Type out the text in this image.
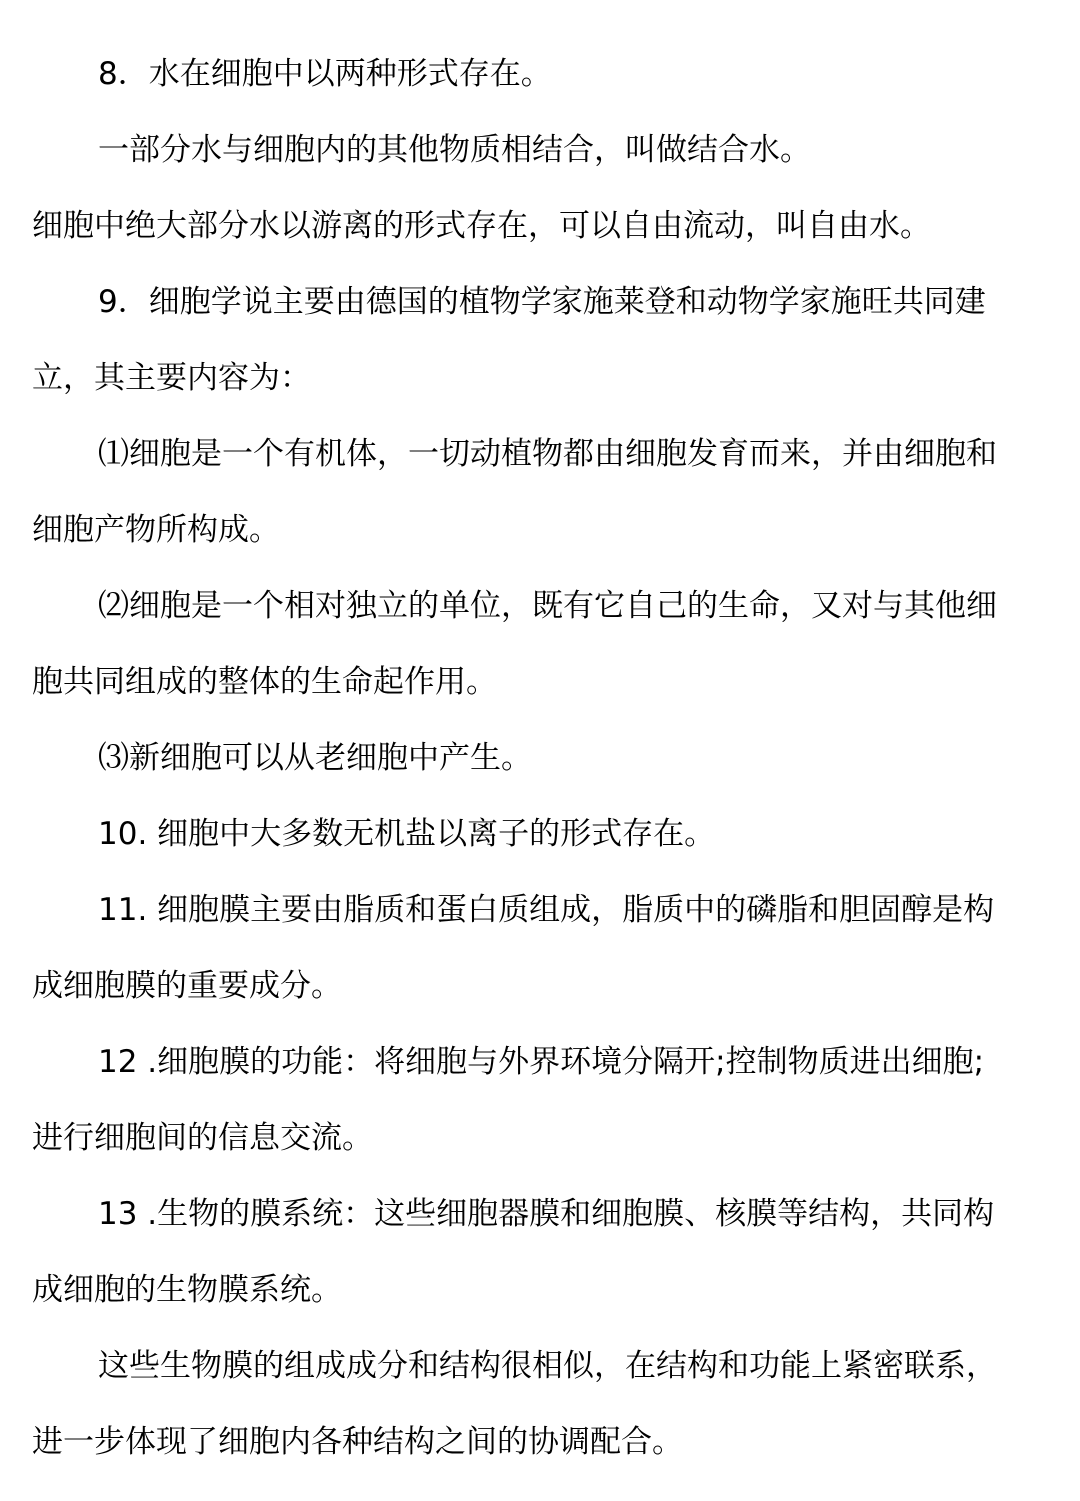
8．水在细胞中以两种形式存在。
一部分水与细胞内的其他物质相结合，叫做结合水。
细胞中绝大部分水以游离的形式存在，可以自由流动，叫自由水。
9．细胞学说主要由德国的植物学家施莱登和动物学家施旺共同建
立，其主要内容为：
⑴细胞是一个有机体，一切动植物都由细胞发育而来，并由细胞和
细胞产物所构成。
⑵细胞是一个相对独立的单位，既有它自己的生命，又对与其他细
胞共同组成的整体的生命起作用。
⑶新细胞可以从老细胞中产生。
10. 细胞中大多数无机盐以离子的形式存在。
11. 细胞膜主要由脂质和蛋白质组成，脂质中的磷脂和胆固醇是构
成细胞膜的重要成分。
12 .细胞膜的功能：将细胞与外界环境分隔开;控制物质进出细胞;
进行细胞间的信息交流。
13 .生物的膜系统：这些细胞器膜和细胞膜、核膜等结构，共同构
成细胞的生物膜系统。
这些生物膜的组成成分和结构很相似，在结构和功能上紧密联系，
进一步体现了细胞内各种结构之间的协调配合。
